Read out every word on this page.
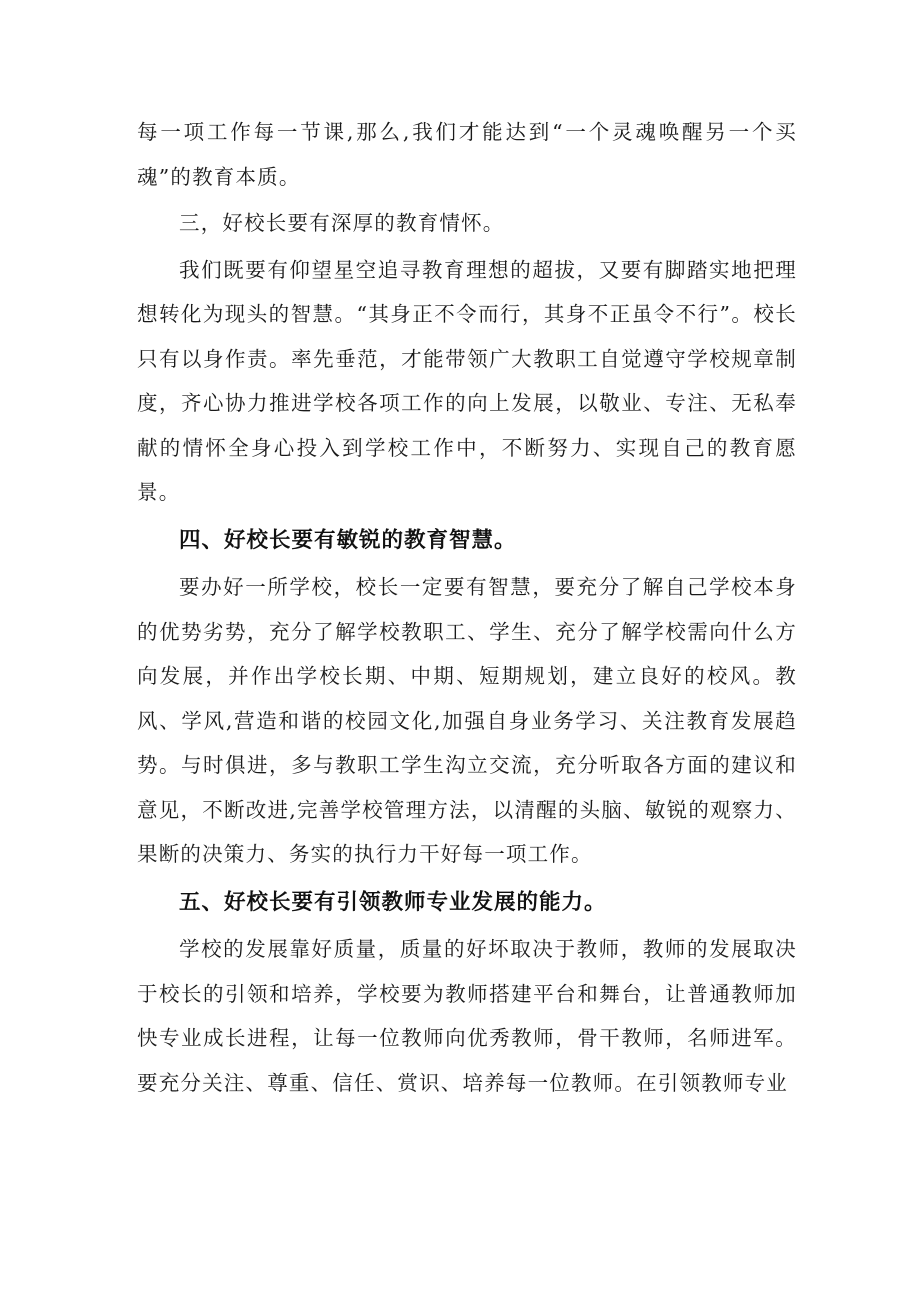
每一项工作每一节课,那么,我们才能达到“一个灵魂唤醒另一个买魂”的教育本质。

三，好校长要有深厚的教育情怀。

我们既要有仰望星空追寻教育理想的超拔，又要有脚踏实地把理想转化为现头的智慧。“其身正不令而行，其身不正虽令不行”。校长只有以身作责。率先垂范，才能带领广大教职工自觉遵守学校规章制度，齐心协力推进学校各项工作的向上发展，以敬业、专注、无私奉献的情怀全身心投入到学校工作中，不断努力、实现自己的教育愿景。

四、好校长要有敏锐的教育智慧。

要办好一所学校，校长一定要有智慧，要充分了解自己学校本身的优势劣势，充分了解学校教职工、学生、充分了解学校需向什么方向发展，并作出学校长期、中期、短期规划，建立良好的校风。教风、学风,营造和谐的校园文化,加强自身业务学习、关注教育发展趋势。与时俱进，多与教职工学生沟立交流，充分听取各方面的建议和意见，不断改进,完善学校管理方法，以清醒的头脑、敏锐的观察力、果断的决策力、务实的执行力干好每一项工作。

五、好校长要有引领教师专业发展的能力。

学校的发展靠好质量，质量的好坏取决于教师，教师的发展取决于校长的引领和培养，学校要为教师搭建平台和舞台，让普通教师加快专业成长进程，让每一位教师向优秀教师，骨干教师，名师进军。要充分关注、尊重、信任、赏识、培养每一位教师。在引领教师专业
